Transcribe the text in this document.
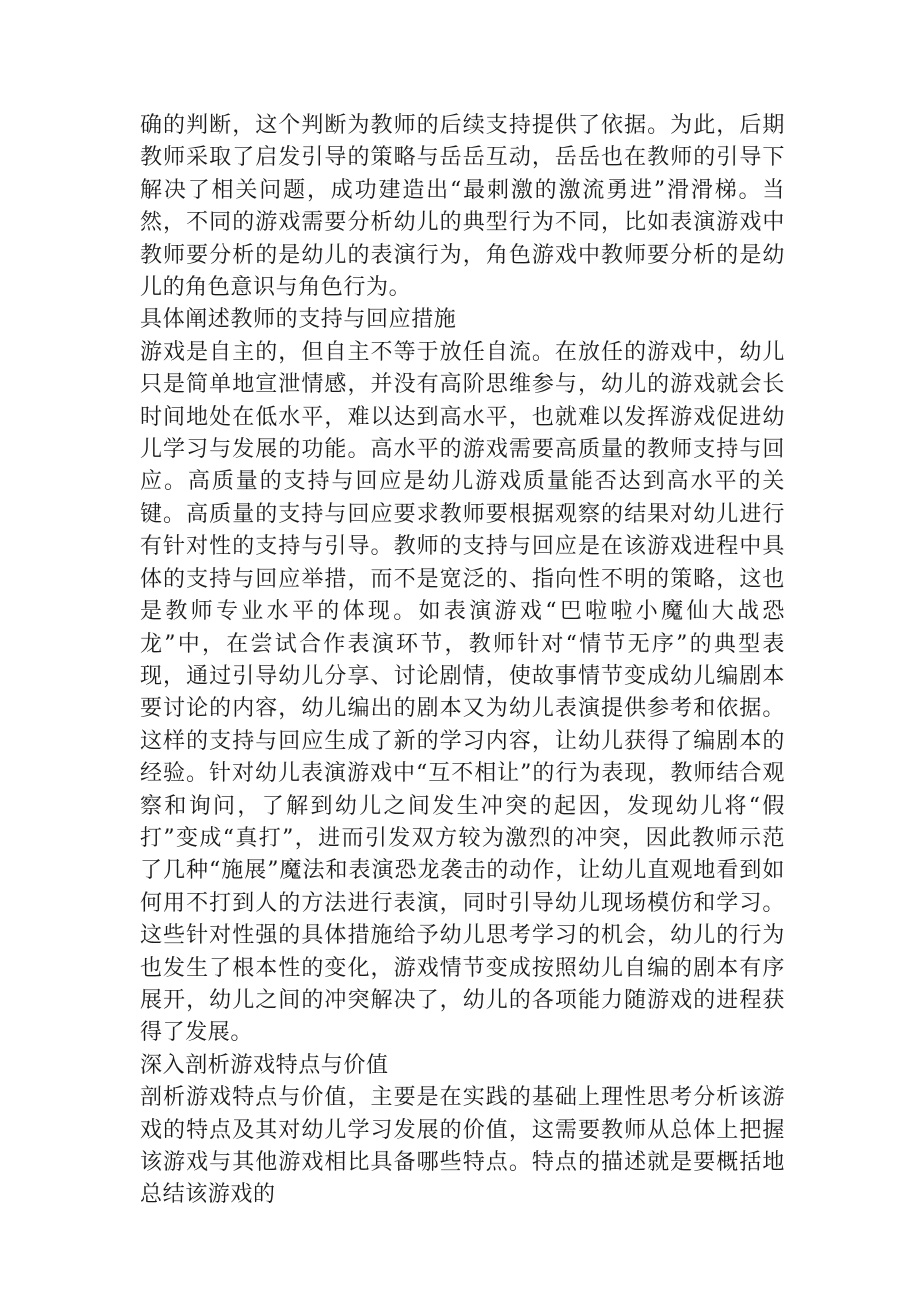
确的判断，这个判断为教师的后续支持提供了依据。为此，后期教师采取了启发引导的策略与岳岳互动，岳岳也在教师的引导下解决了相关问题，成功建造出“最刺激的激流勇进”滑滑梯。当然，不同的游戏需要分析幼儿的典型行为不同，比如表演游戏中教师要分析的是幼儿的表演行为，角色游戏中教师要分析的是幼儿的角色意识与角色行为。

具体阐述教师的支持与回应措施

游戏是自主的，但自主不等于放任自流。在放任的游戏中，幼儿只是简单地宣泄情感，并没有高阶思维参与，幼儿的游戏就会长时间地处在低水平，难以达到高水平，也就难以发挥游戏促进幼儿学习与发展的功能。高水平的游戏需要高质量的教师支持与回应。高质量的支持与回应是幼儿游戏质量能否达到高水平的关键。高质量的支持与回应要求教师要根据观察的结果对幼儿进行有针对性的支持与引导。教师的支持与回应是在该游戏进程中具体的支持与回应举措，而不是宽泛的、指向性不明的策略，这也是教师专业水平的体现。如表演游戏“巴啦啦小魔仙大战恐龙”中，在尝试合作表演环节，教师针对“情节无序”的典型表现，通过引导幼儿分享、讨论剧情，使故事情节变成幼儿编剧本要讨论的内容，幼儿编出的剧本又为幼儿表演提供参考和依据。这样的支持与回应生成了新的学习内容，让幼儿获得了编剧本的经验。针对幼儿表演游戏中“互不相让”的行为表现，教师结合观察和询问，了解到幼儿之间发生冲突的起因，发现幼儿将“假打”变成“真打”，进而引发双方较为激烈的冲突，因此教师示范了几种“施展”魔法和表演恐龙袭击的动作，让幼儿直观地看到如何用不打到人的方法进行表演，同时引导幼儿现场模仿和学习。这些针对性强的具体措施给予幼儿思考学习的机会，幼儿的行为也发生了根本性的变化，游戏情节变成按照幼儿自编的剧本有序展开，幼儿之间的冲突解决了，幼儿的各项能力随游戏的进程获得了发展。

深入剖析游戏特点与价值

剖析游戏特点与价值，主要是在实践的基础上理性思考分析该游戏的特点及其对幼儿学习发展的价值，这需要教师从总体上把握该游戏与其他游戏相比具备哪些特点。特点的描述就是要概括地总结该游戏的
